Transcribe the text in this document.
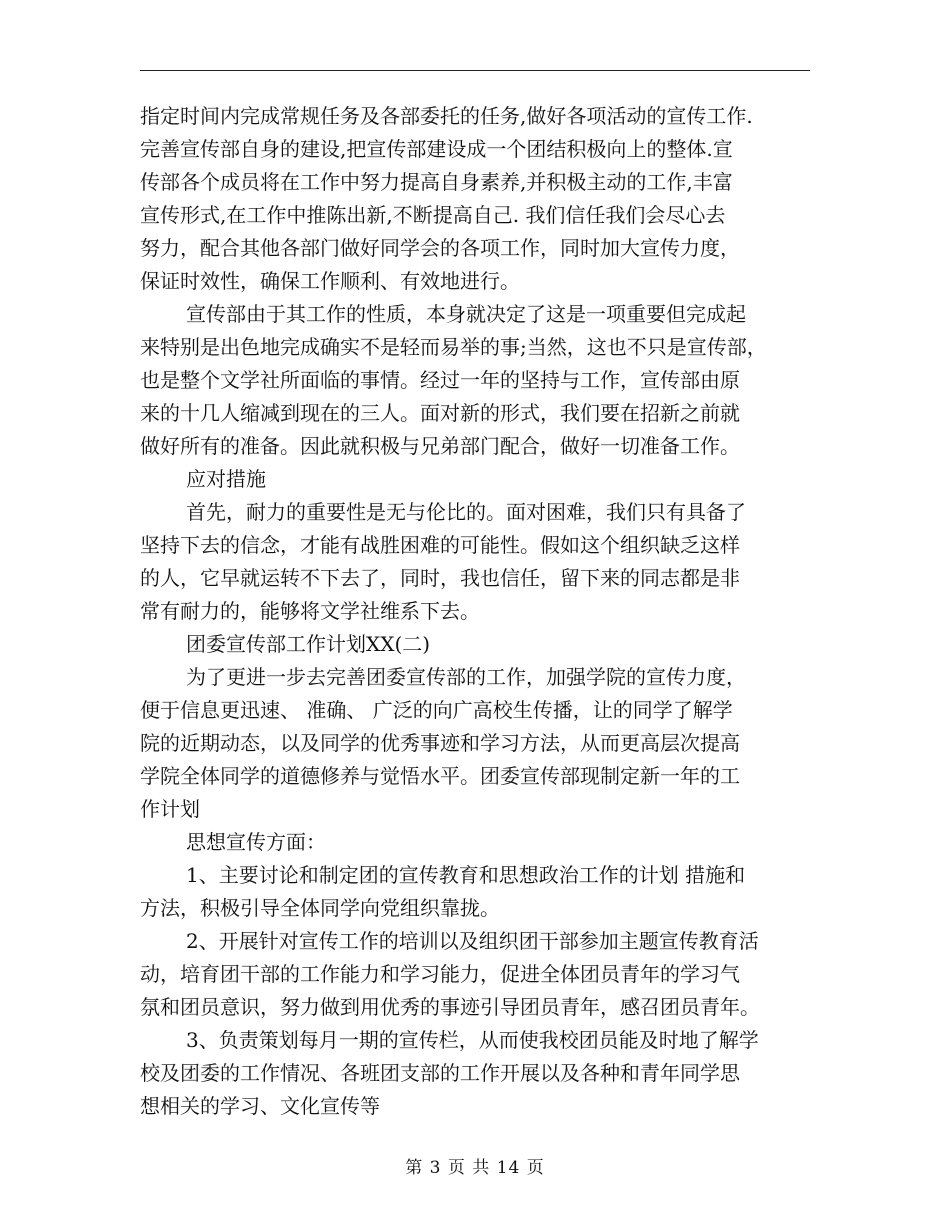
指定时间内完成常规任务及各部委托的任务,做好各项活动的宣传工作.
完善宣传部自身的建设,把宣传部建设成一个团结积极向上的整体.宣
传部各个成员将在工作中努力提高自身素养,并积极主动的工作,丰富
宣传形式,在工作中推陈出新,不断提高自己. 我们信任我们会尽心去
努力，配合其他各部门做好同学会的各项工作，同时加大宣传力度，
保证时效性，确保工作顺利、有效地进行。
宣传部由于其工作的性质，本身就决定了这是一项重要但完成起
来特别是出色地完成确实不是轻而易举的事;当然，这也不只是宣传部，
也是整个文学社所面临的事情。经过一年的坚持与工作，宣传部由原
来的十几人缩减到现在的三人。面对新的形式，我们要在招新之前就
做好所有的准备。因此就积极与兄弟部门配合，做好一切准备工作。
应对措施
首先，耐力的重要性是无与伦比的。面对困难，我们只有具备了
坚持下去的信念，才能有战胜困难的可能性。假如这个组织缺乏这样
的人，它早就运转不下去了，同时，我也信任，留下来的同志都是非
常有耐力的，能够将文学社维系下去。
团委宣传部工作计划XX(二)
为了更进一步去完善团委宣传部的工作，加强学院的宣传力度，
便于信息更迅速、 准确、 广泛的向广高校生传播，让的同学了解学
院的近期动态，以及同学的优秀事迹和学习方法，从而更高层次提高
学院全体同学的道德修养与觉悟水平。团委宣传部现制定新一年的工
作计划
思想宣传方面：
1、主要讨论和制定团的宣传教育和思想政治工作的计划 措施和
方法，积极引导全体同学向党组织靠拢。
2、开展针对宣传工作的培训以及组织团干部参加主题宣传教育活
动，培育团干部的工作能力和学习能力，促进全体团员青年的学习气
氛和团员意识，努力做到用优秀的事迹引导团员青年，感召团员青年。
3、负责策划每月一期的宣传栏，从而使我校团员能及时地了解学
校及团委的工作情况、各班团支部的工作开展以及各种和青年同学思
想相关的学习、文化宣传等
第 3 页 共 14 页
